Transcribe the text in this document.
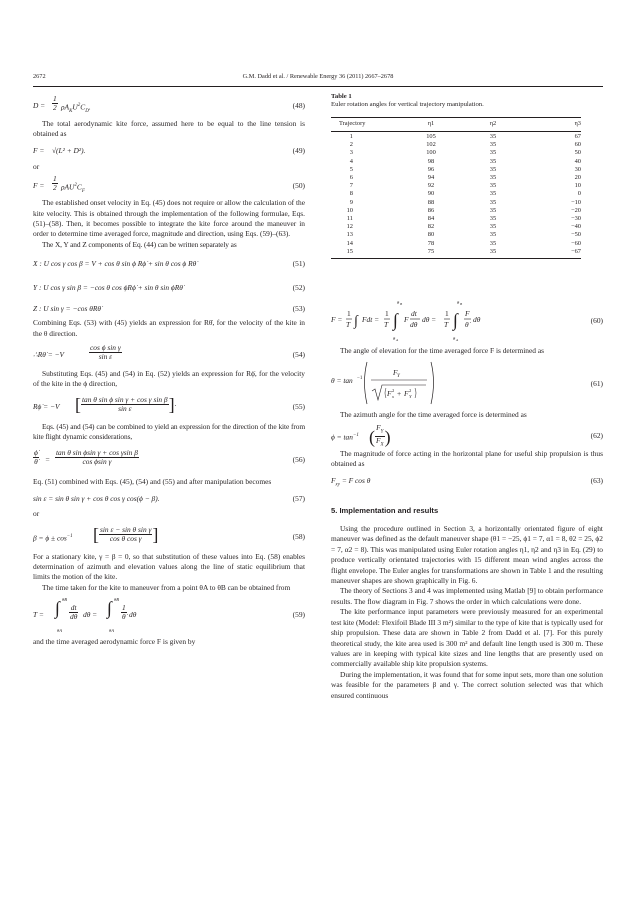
2672	G.M. Dadd et al. / Renewable Energy 36 (2011) 2667–2678
$D = \frac{1}{2} \rho A_KU^2C_D$.	(48)

The total aerodynamic kite force, assumed here to be equal to the line tension is obtained as

F = √(L² + D²).	(49)

or

$F = \frac{1}{2} \rho AU^2C_F$
(50)

The established onset velocity in Eq. (45) does not require or allow the calculation of the kite velocity. This is obtained through the implementation of the following formulae, Eqs. (51)–(58). Then, it becomes possible to integrate the kite force around the maneuver in order to determine time averaged force, magnitude and direction, using Eqs. (59)–(63).

The X, Y and Z components of Eq. (44) can be written separately as

X : U cos γ cos β = V + cos θ sin ϕ Rϕ̇ + sin θ cos ϕ Rθ̇	(51)
Y : U cos γ sin β = −cos θ cos ϕRϕ̇ + sin θ sin ϕRθ̇	(52)
Z : U sin γ = −cos θRθ̇	(53)

Combining Eqs. (53) with (45) yields an expression for Rθ̇, for the velocity of the kite in the θ direction.

∴Rθ̇ = −V	$\frac{\text{cos ϕ sin γ}}{\text{sin ε}}$	(54)

Substituting Eqs. (45) and (54) in Eq. (52) yields an expression for Rϕ̇, for the velocity of the kite in the ϕ direction,

Rϕ̇ = −V [ $\frac{\text{tan θ sin ϕ sin γ + cos γ sin β}}{\text{sin ε}}$ ].	(55)

Eqs. (45) and (54) can be combined to yield an expression for the direction of the kite from kite flight dynamic considerations,

$\frac{\phi̇}{\thetȧ} = \frac{\text{tan θ sin ϕsin γ + cos γsin β}}{\text{cos ϕsin γ}}$	(56)

Eq. (51) combined with Eqs. (45), (54) and (55) and after manipulation becomes

sin ε = sin θ sin γ + cos θ cos γ cos(ϕ − β).	(57)

or

$\beta = \phi \pm \cos^{-1}$ [ $\frac{\text{sin ε − sin θ sin γ}}{\text{cos θ cos γ}}$ ]	(58)

For a stationary kite, γ = β = 0, so that substitution of these values into Eq. (58) enables determination of azimuth and elevation values along the line of static equilibrium that limits the motion of the kite.

The time taken for the kite to maneuver from a point θA to θB can be obtained from

T = ∫ θB
θA
$\frac{dt}{d\theta}$ dθ = ∫ θB
θA
$\frac{1}{\thetȧ}$ dθ	(59)

and the time averaged aerodynamic force F is given by

Table 1
Euler rotation angles for vertical trajectory manipulation.
Trajectory	η1	η2	η3
1	105	35	67
2	102	35	60
3	100	35	50
4	98	35	40
5	96	35	30
6	94	35	20
7	92	35	10
8	90	35	0
9	88	35	−10
10	86	35	−20
11	84	35	−30
12	82	35	−40
13	80	35	−50
14	78	35	−60
15	75	35	−67
F =
1
T ∫ Fdt =
1
T ∫
θ B
θ A
F
dt
dθ
dθ =
1
T ∫
θ B
θ A
F
θ̇
dθ	(60)

The angle of elevation for the time averaged force F is determined as

θ = tan −1
F Y
F 2
x + F 2
Y
(61)

The azimuth angle for the time averaged force is determined as

$\phi = \tan^{-1}$ ( $\frac{F_Y}{F_X}$ )	(62)

The magnitude of force acting in the horizontal plane for useful ship propulsion is thus obtained as

$F_{xy} = F$ cos θ	(63)

5. Implementation and results

Using the procedure outlined in Section 3, a horizontally orientated figure of eight maneuver was defined as the default maneuver shape (θ1 = −25, ϕ1 = 7, α1 = 8, θ2 = 25, ϕ2 = 7, α2 = 8). This was manipulated using Euler rotation angles η1, η2 and η3 in Eq. (29) to produce vertically orientated trajectories with 15 different mean wind angles across the flight envelope. The Euler angles for transformations are shown in Table 1 and the resulting maneuver shapes are shown graphically in Fig. 6.

The theory of Sections 3 and 4 was implemented using Matlab [9] to obtain performance results. The flow diagram in Fig. 7 shows the order in which calculations were done.

The kite performance input parameters were previously measured for an experimental test kite (Model: Flexifoil Blade III 3 m²) similar to the type of kite that is typically used for ship propulsion. These data are shown in Table 2 from Dadd et al. [7]. For this purely theoretical study, the kite area used is 300 m² and default line length used is 300 m. These values are in keeping with typical kite sizes and line lengths that are presently used on commercially available ship kite propulsion systems.

During the implementation, it was found that for some input sets, more than one solution was feasible for the parameters β and γ. The correct solution selected was that which ensured continuous
